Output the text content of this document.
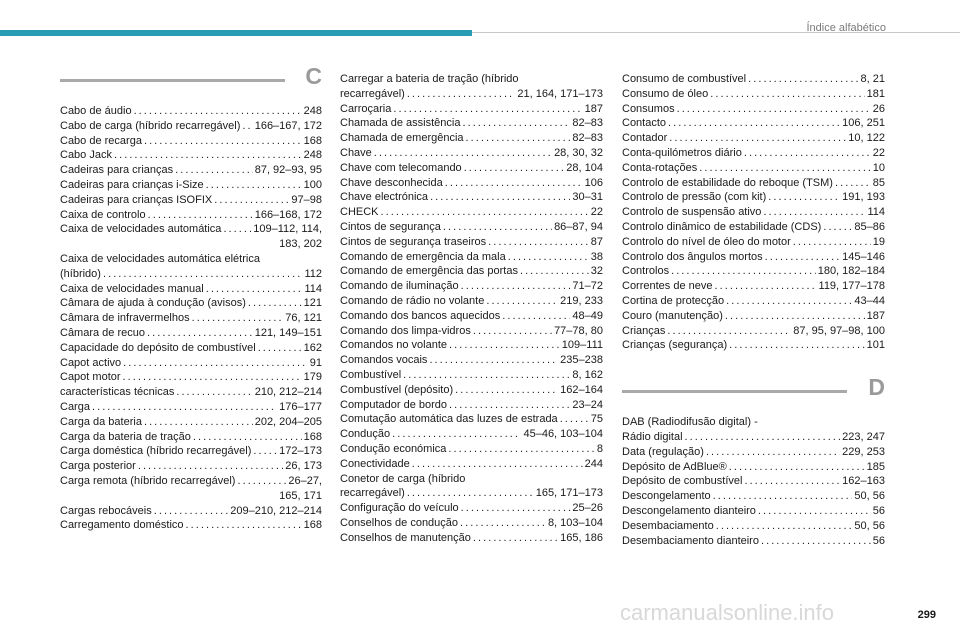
Índice alfabético
C
Cabo de áudio . . .	248
Cabo de carga (híbrido recarregável) . . . 166–167, 172
Cabo de recarga . . .	168
Cabo Jack . . .	248
Cadeiras para crianças . . .	87, 92–93, 95
Cadeiras para crianças i-Size . . .	100
Cadeiras para crianças ISOFIX . . .	97–98
Caixa de controlo . . .	166–168, 172
Caixa de velocidades automática . . .	109–112, 114,
183, 202
Caixa de velocidades automática elétrica
(híbrido) . . .	112
Caixa de velocidades manual . . .	114
Câmara de ajuda à condução (avisos) . . .	121
Câmara de infravermelhos . . .	76, 121
Câmara de recuo . . .	121, 149–151
Capacidade do depósito de combustível . . .	162
Capot activo . . .	91
Capot motor . . .	179
características técnicas . . .	210, 212–214
Carga . . .	176–177
Carga da bateria . . .	202, 204–205
Carga da bateria de tração . . .	168
Carga doméstica (híbrido recarregável) . . .	172–173
Carga posterior . . .	26, 173
Carga remota (híbrido recarregável) . . .	26–27,
165, 171
Cargas rebocáveis . . .	209–210, 212–214
Carregamento doméstico . . .	168
Carregar a bateria de tração (híbrido
recarregável) . . .	21, 164, 171–173
Carroçaria . . .	187
Chamada de assistência . . .	82–83
Chamada de emergência . . .	82–83
Chave . . .	28, 30, 32
Chave com telecomando . . .	28, 104
Chave desconhecida . . .	106
Chave electrónica . . .	30–31
CHECK . . .	22
Cintos de segurança . . .	86–87, 94
Cintos de segurança traseiros . . .	87
Comando de emergência da mala . . .	38
Comando de emergência das portas . . .	32
Comando de iluminação . . .	71–72
Comando de rádio no volante . . .	219, 233
Comando dos bancos aquecidos . . .	48–49
Comando dos limpa-vidros . . .	77–78, 80
Comandos no volante . . .	109–111
Comandos vocais . . .	235–238
Combustível . . .	8, 162
Combustível (depósito) . . .	162–164
Computador de bordo . . .	23–24
Comutação automática das luzes de estrada . . .	75
Condução . . .	45–46, 103–104
Condução económica . . .	8
Conectividade . . .	244
Conetor de carga (híbrido
recarregável) . . .	165, 171–173
Configuração do veículo . . .	25–26
Conselhos de condução . . .	8, 103–104
Conselhos de manutenção . . .	165, 186
Consumo de combustível . . .	8, 21
Consumo de óleo . . .	181
Consumos . . .	26
Contacto . . .	106, 251
Contador . . .	10, 122
Conta-quilómetros diário . . .	22
Conta-rotações . . .	10
Controlo de estabilidade do reboque (TSM) . . .	85
Controlo de pressão (com kit) . . .	191, 193
Controlo de suspensão ativo . . .	114
Controlo dinâmico de estabilidade (CDS) . . .	85–86
Controlo do nível de óleo do motor . . .	19
Controlo dos ângulos mortos . . .	145–146
Controlos . . .	180, 182–184
Correntes de neve . . .	119, 177–178
Cortina de protecção . . .	43–44
Couro (manutenção) . . .	187
Crianças . . .	87, 95, 97–98, 100
Crianças (segurança) . . .	101
D
DAB (Radiodifusão digital) -
Rádio digital . . .	223, 247
Data (regulação) . . .	229, 253
Depósito de AdBlue® . . .	185
Depósito de combustível . . .	162–163
Descongelamento . . .	50, 56
Descongelamento dianteiro . . .	56
Desembaciamento . . .	50, 56
Desembaciamento dianteiro . . .	56
carmanualsonline.info	299
